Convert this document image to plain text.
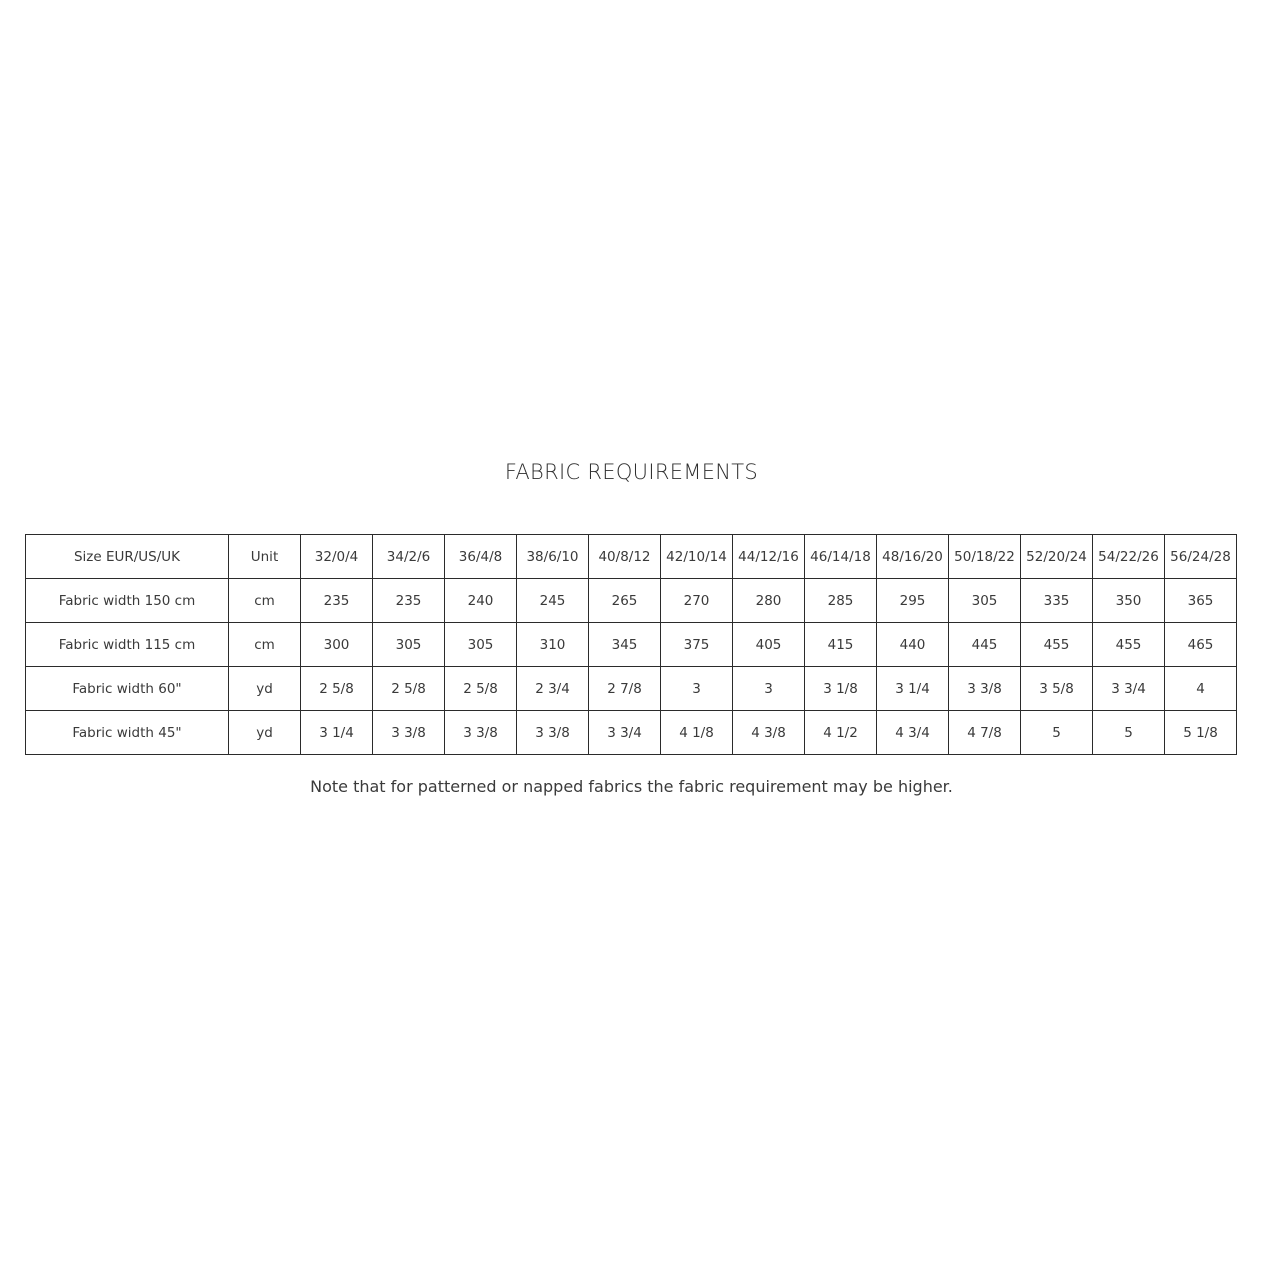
FABRIC REQUIREMENTS
Size EUR/US/UK	Unit	32/0/4	34/2/6	36/4/8	38/6/10	40/8/12	42/10/14	44/12/16	46/14/18	48/16/20	50/18/22	52/20/24	54/22/26	56/24/28
Fabric width 150 cm	cm	235	235	240	245	265	270	280	285	295	305	335	350	365
Fabric width 115 cm	cm	300	305	305	310	345	375	405	415	440	445	455	455	465
Fabric width 60"	yd	2 5/8	2 5/8	2 5/8	2 3/4	2 7/8	3	3	3 1/8	3 1/4	3 3/8	3 5/8	3 3/4	4
Fabric width 45"	yd	3 1/4	3 3/8	3 3/8	3 3/8	3 3/4	4 1/8	4 3/8	4 1/2	4 3/4	4 7/8	5	5	5 1/8
Note that for patterned or napped fabrics the fabric requirement may be higher.
